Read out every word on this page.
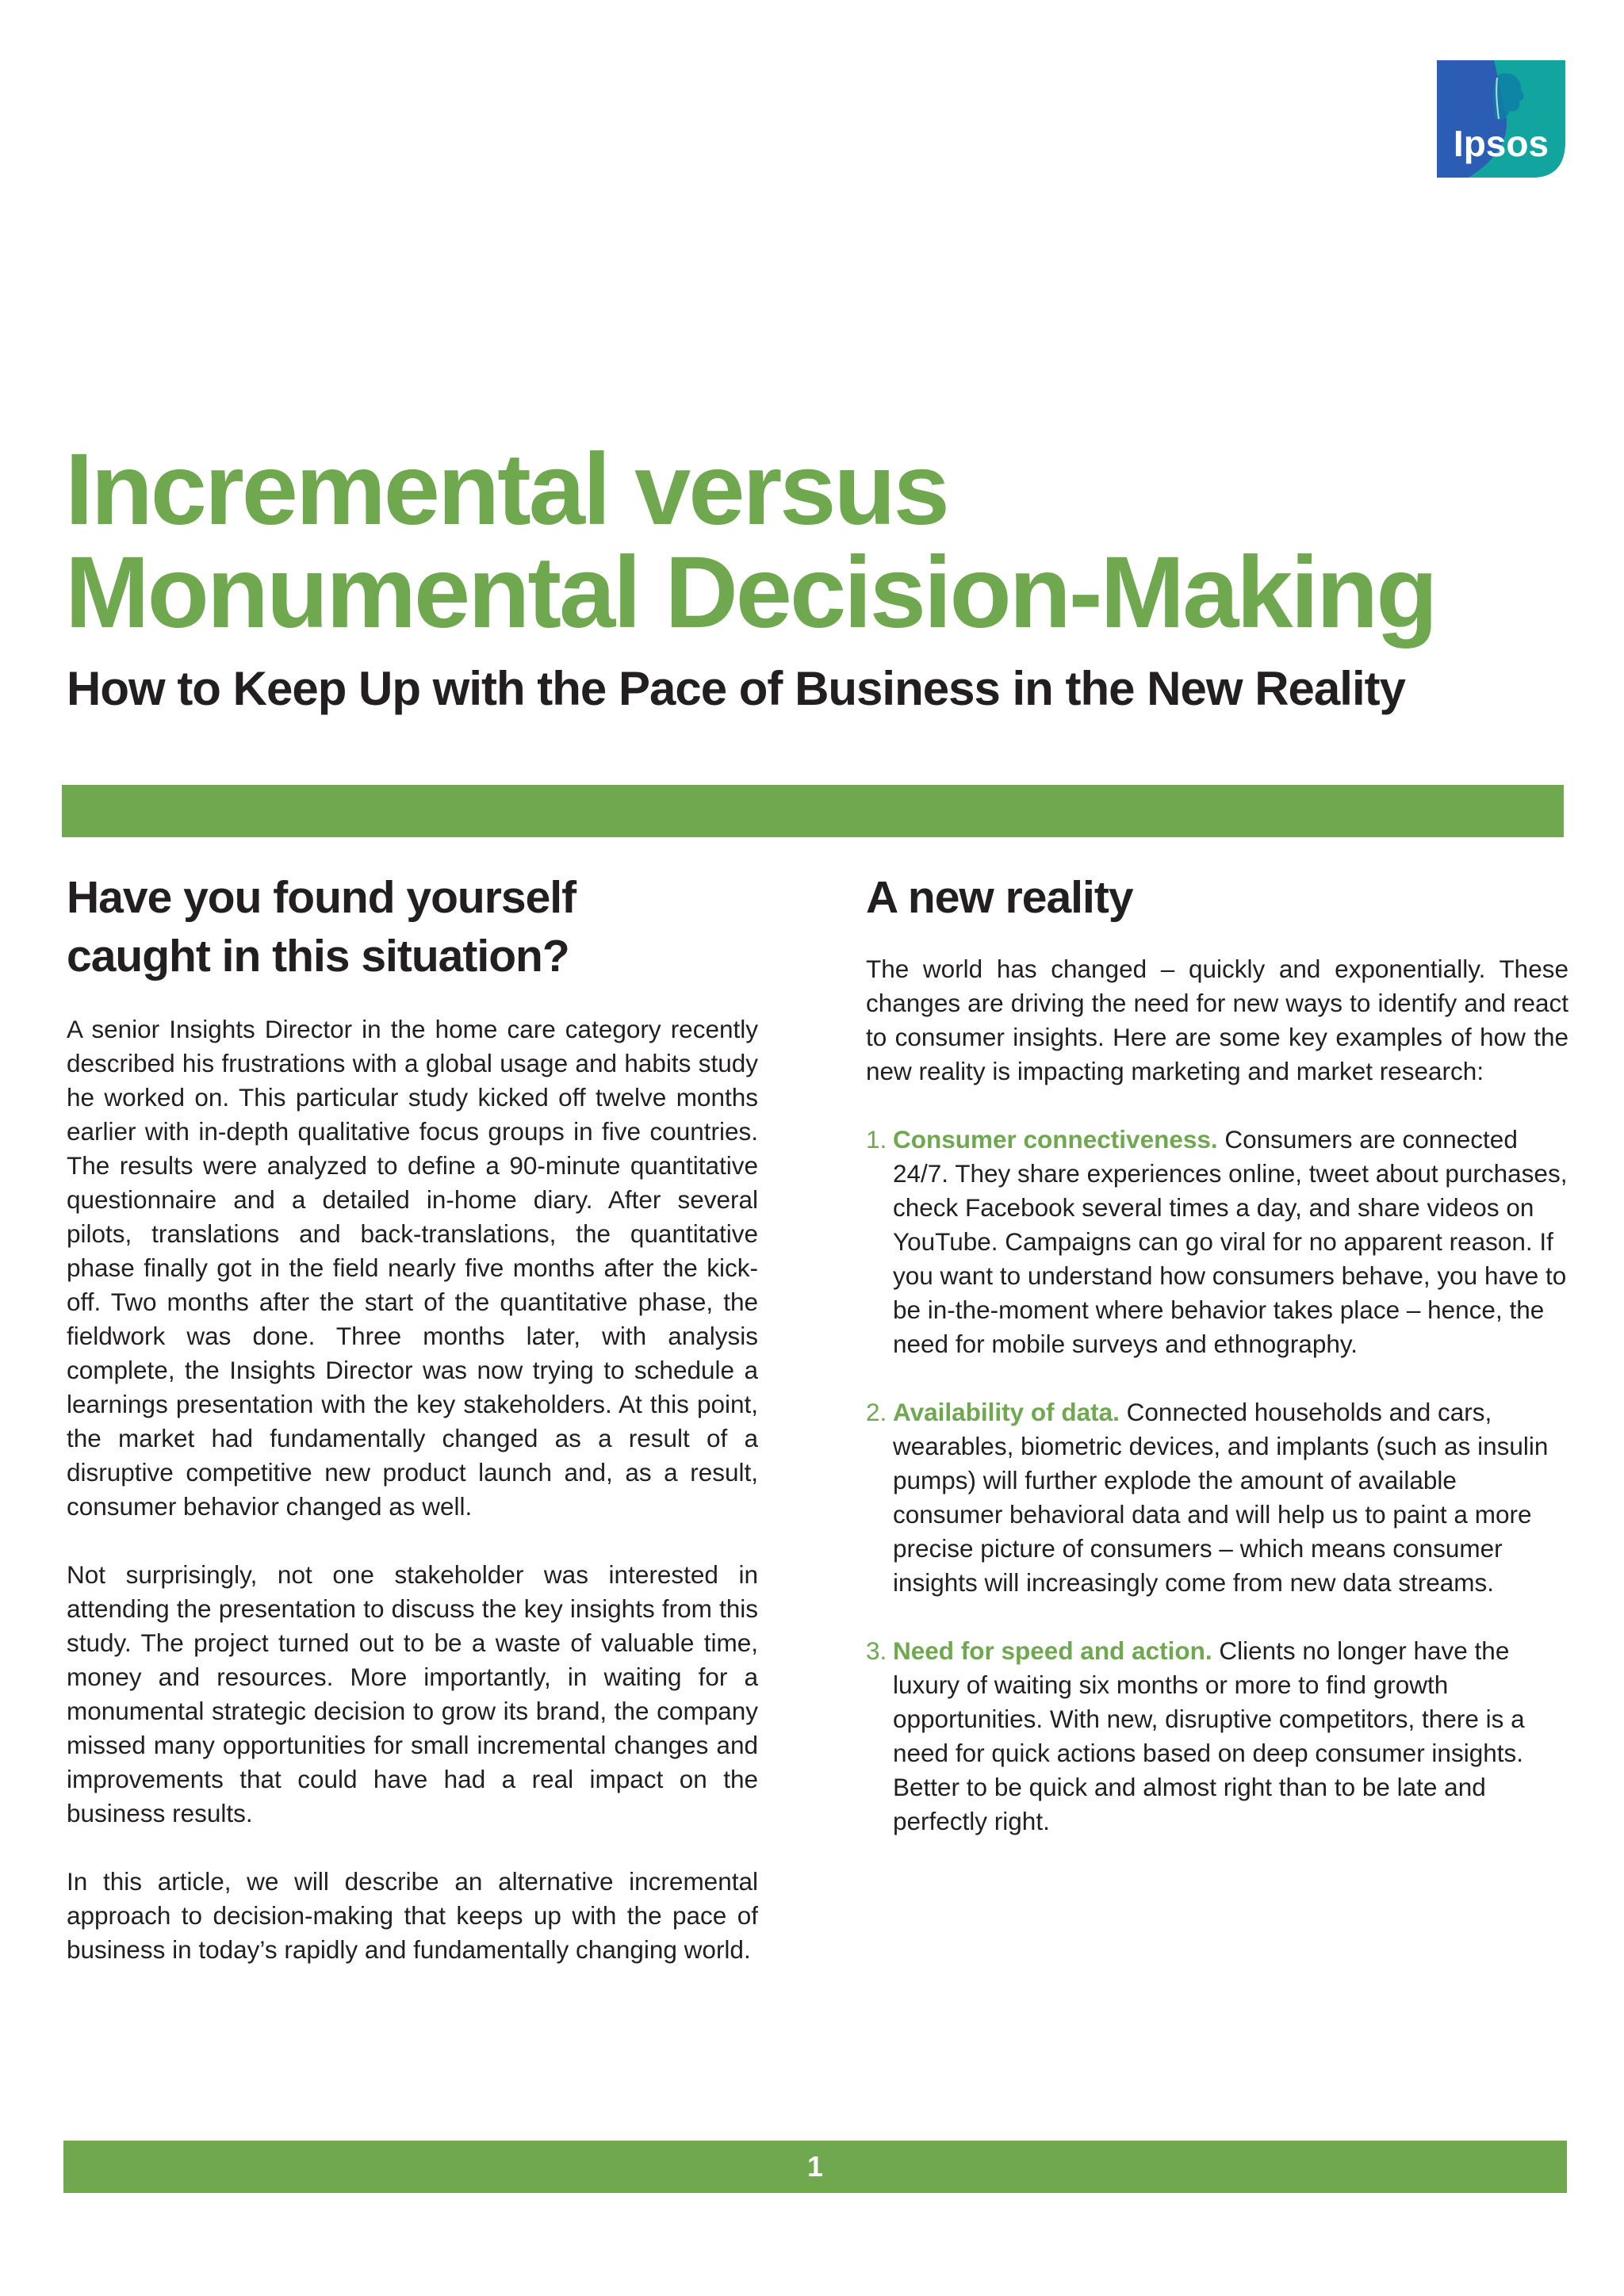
Ipsos
Incremental versus
Monumental Decision-Making
How to Keep Up with the Pace of Business in the New Reality
Have you found yourself
caught in this situation?

A senior Insights Director in the home care category recently described his frustrations with a global usage and habits study he worked on. This particular study kicked off twelve months earlier with in-depth qualitative focus groups in five countries. The results were analyzed to define a 90-minute quantitative questionnaire and a detailed in-home diary. After several pilots, translations and back-translations, the quantitative phase finally got in the field nearly five months after the kick-off. Two months after the start of the quantitative phase, the fieldwork was done. Three months later, with analysis complete, the Insights Director was now trying to schedule a learnings presentation with the key stakeholders. At this point, the market had fundamentally changed as a result of a disruptive competitive new product launch and, as a result, consumer behavior changed as well.

Not surprisingly, not one stakeholder was interested in attending the presentation to discuss the key insights from this study. The project turned out to be a waste of valuable time, money and resources. More importantly, in waiting for a monumental strategic decision to grow its brand, the company missed many opportunities for small incremental changes and improvements that could have had a real impact on the business results.

In this article, we will describe an alternative incremental approach to decision-making that keeps up with the pace of business in today’s rapidly and fundamentally changing world.

A new reality

The world has changed – quickly and exponentially. These changes are driving the need for new ways to identify and react to consumer insights. Here are some key examples of how the new reality is impacting marketing and market research:

1. Consumer connectiveness. Consumers are connected 24/7. They share experiences online, tweet about purchases, check Facebook several times a day, and share videos on YouTube. Campaigns can go viral for no apparent reason. If you want to understand how consumers behave, you have to be in-the-moment where behavior takes place – hence, the need for mobile surveys and ethnography.
2. Availability of data. Connected households and cars, wearables, biometric devices, and implants (such as insulin pumps) will further explode the amount of available consumer behavioral data and will help us to paint a more precise picture of consumers – which means consumer insights will increasingly come from new data streams.
3. Need for speed and action. Clients no longer have the luxury of waiting six months or more to find growth opportunities. With new, disruptive competitors, there is a need for quick actions based on deep consumer insights. Better to be quick and almost right than to be late and perfectly right.
1
